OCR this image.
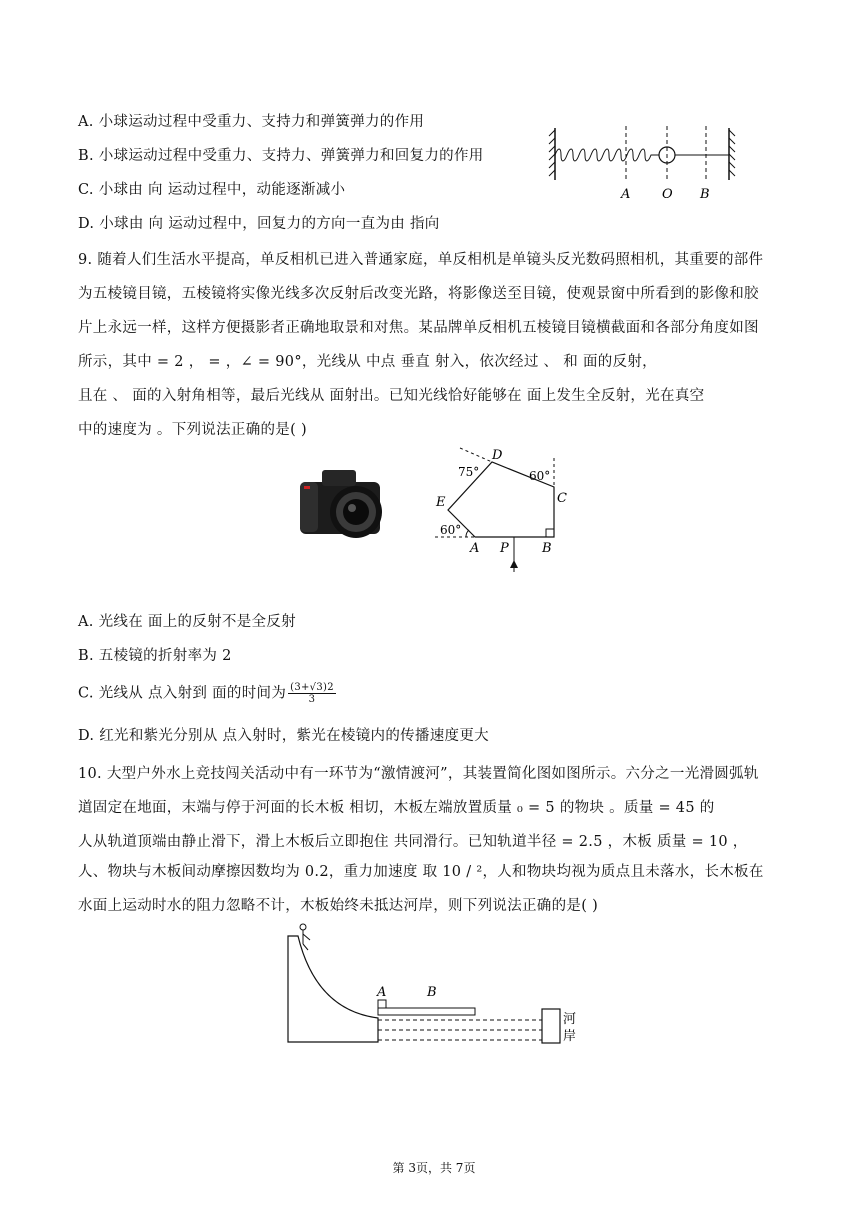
A. 小球运动过程中受重力、支持力和弹簧弹力的作用
B. 小球运动过程中受重力、支持力、弹簧弹力和回复力的作用
C. 小球由 向 运动过程中，动能逐渐减小
D. 小球由 向 运动过程中，回复力的方向一直为由 指向
A O B
9. 随着人们生活水平提高，单反相机已进入普通家庭，单反相机是单镜头反光数码照相机，其重要的部件
为五棱镜目镜，五棱镜将实像光线多次反射后改变光路，将影像送至目镜，使观景窗中所看到的影像和胶
片上永远一样，这样方便摄影者正确地取景和对焦。某品牌单反相机五棱镜目镜横截面和各部分角度如图
所示，其中 = 2 ， = ，∠ = 90°，光线从 中点 垂直 射入，依次经过 、 和 面的反射，
且在 、 面的入射角相等，最后光线从 面射出。已知光线恰好能够在 面上发生全反射，光在真空
中的速度为 。下列说法正确的是( )
75°
D
60°
C
E
60°
A P	B
A. 光线在 面上的反射不是全反射
B. 五棱镜的折射率为 2
C. 光线从 点入射到 面的时间为 $\frac{(3+√3)2}{3}$
D. 红光和紫光分别从 点入射时，紫光在棱镜内的传播速度更大
10. 大型户外水上竞技闯关活动中有一环节为“激情渡河”，其装置简化图如图所示。六分之一光滑圆弧轨
道固定在地面，末端与停于河面的长木板 相切，木板左端放置质量 ₀ = 5 的物块 。质量 = 45 的
人从轨道顶端由静止滑下，滑上木板后立即抱住 共同滑行。已知轨道半径 = 2.5 ，木板 质量 = 10 ，
人、物块与木板间动摩擦因数均为 0.2，重力加速度 取 10 / ²，人和物块均视为质点且未落水，长木板在
水面上运动时水的阻力忽略不计，木板始终未抵达河岸，则下列说法正确的是( )
A	B
河
岸
第 3页，共 7页
